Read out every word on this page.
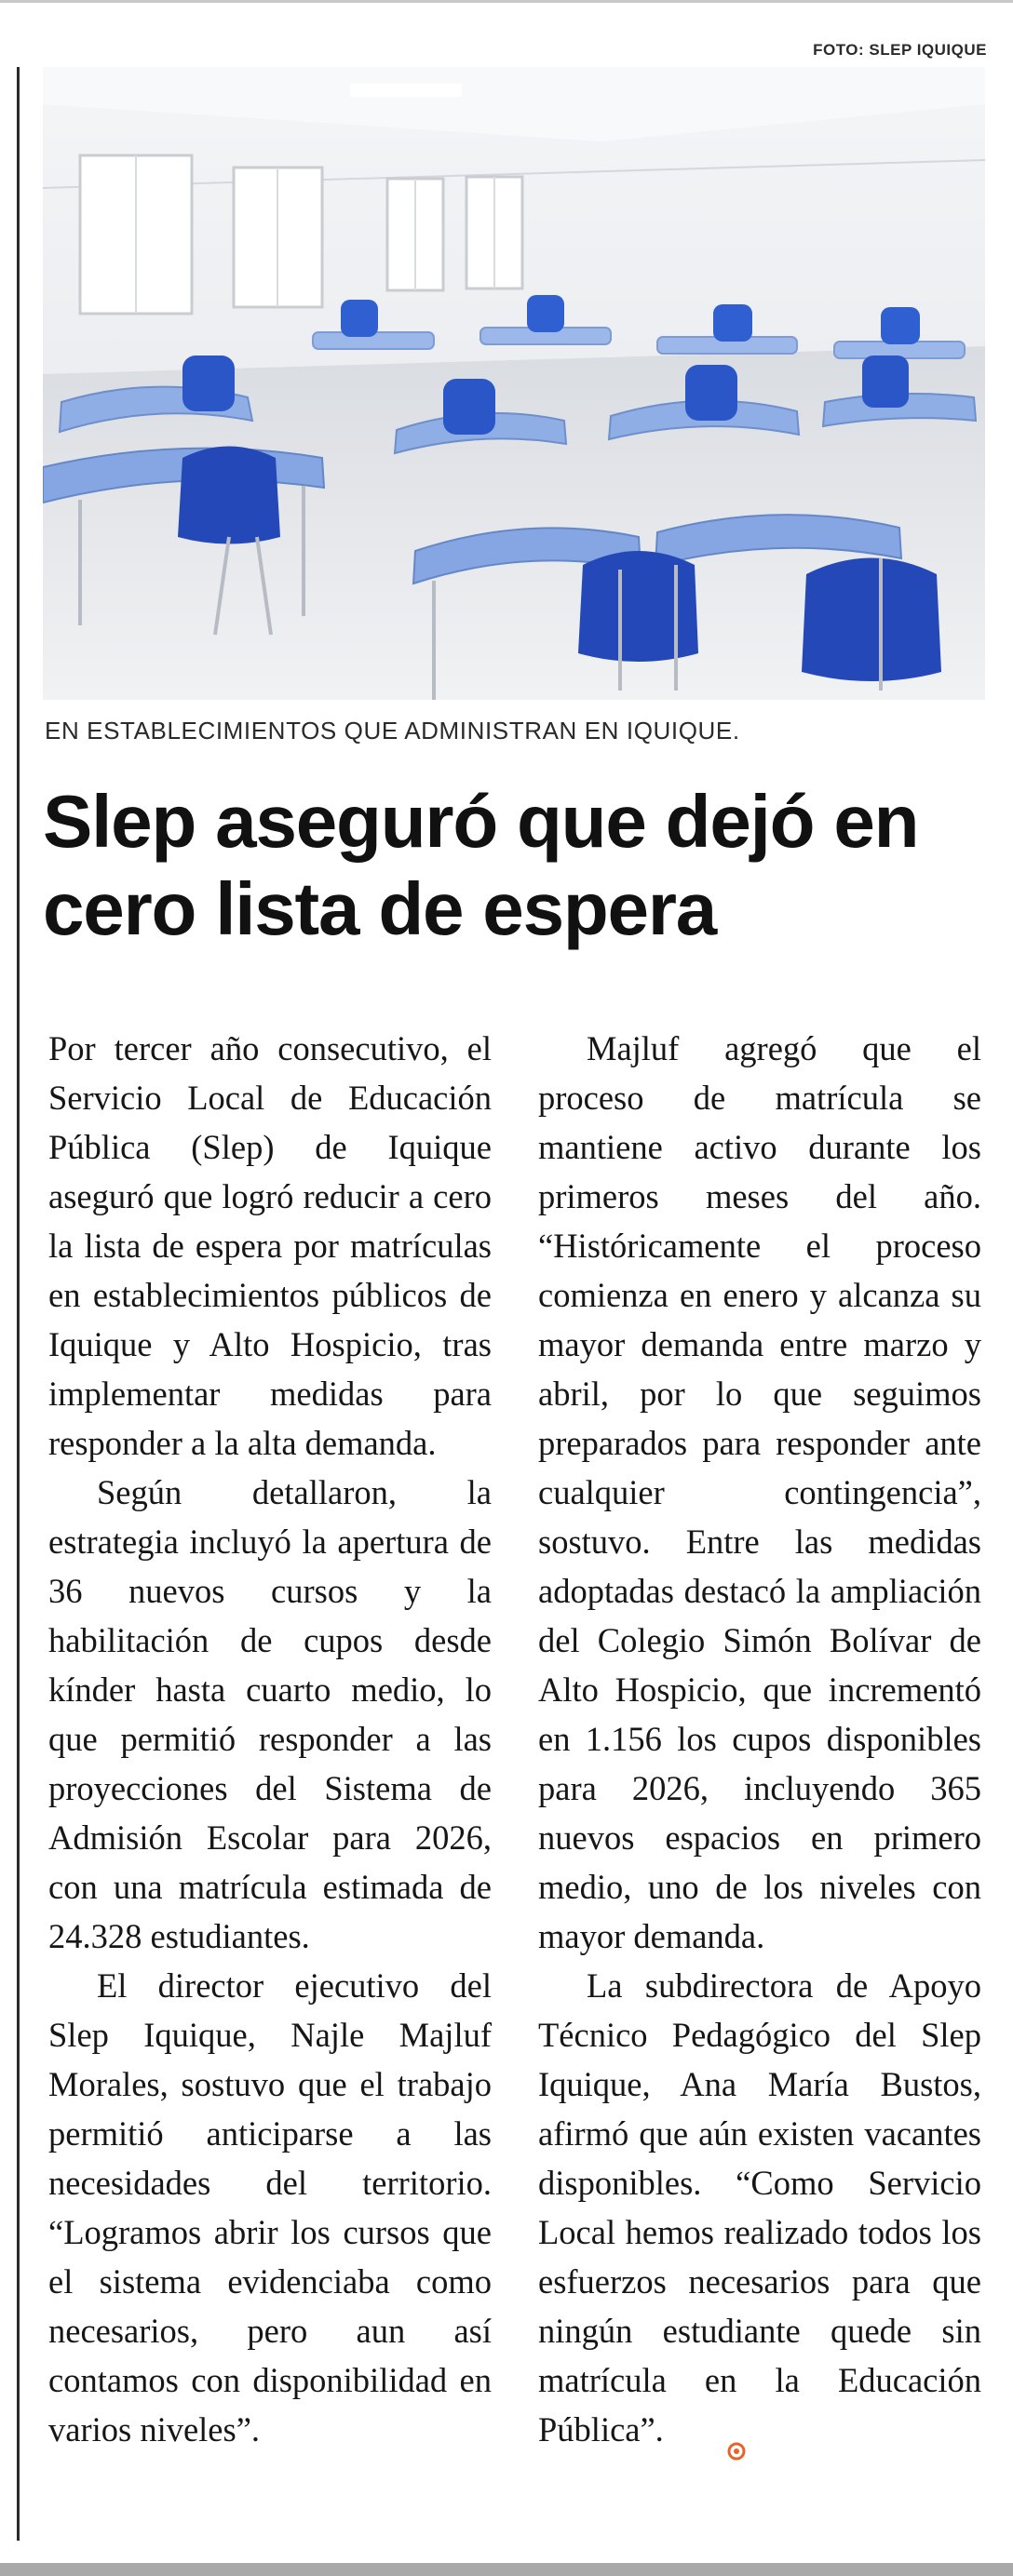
FOTO: SLEP IQUIQUE

EN ESTABLECIMIENTOS QUE ADMINISTRAN EN IQUIQUE.

Slep aseguró que dejó en cero lista de espera

Por tercer año consecutivo, el Servicio Local de Educación Pública (Slep) de Iquique aseguró que logró reducir a cero la lista de espera por matrículas en establecimientos públicos de Iquique y Alto Hospicio, tras implementar medidas para responder a la alta demanda.

Según detallaron, la estrategia incluyó la apertura de 36 nuevos cursos y la habilitación de cupos desde kínder hasta cuarto medio, lo que permitió responder a las proyecciones del Sistema de Admisión Escolar para 2026, con una matrícula estimada de 24.328 estudiantes.

El director ejecutivo del Slep Iquique, Najle Majluf Morales, sostuvo que el trabajo permitió anticiparse a las necesidades del territorio. “Logramos abrir los cursos que el sistema evidenciaba como necesarios, pero aun así contamos con disponibilidad en varios niveles”.

Majluf agregó que el proceso de matrícula se mantiene activo durante los primeros meses del año. “Históricamente el proceso comienza en enero y alcanza su mayor demanda entre marzo y abril, por lo que seguimos preparados para responder ante cualquier contingencia”, sostuvo. Entre las medidas adoptadas destacó la ampliación del Colegio Simón Bolívar de Alto Hospicio, que incrementó en 1.156 los cupos disponibles para 2026, incluyendo 365 nuevos espacios en primero medio, uno de los niveles con mayor demanda.

La subdirectora de Apoyo Técnico Pedagógico del Slep Iquique, Ana María Bustos, afirmó que aún existen vacantes disponibles. “Como Servicio Local hemos realizado todos los esfuerzos necesarios para que ningún estudiante quede sin matrícula en la Educación Pública”.
